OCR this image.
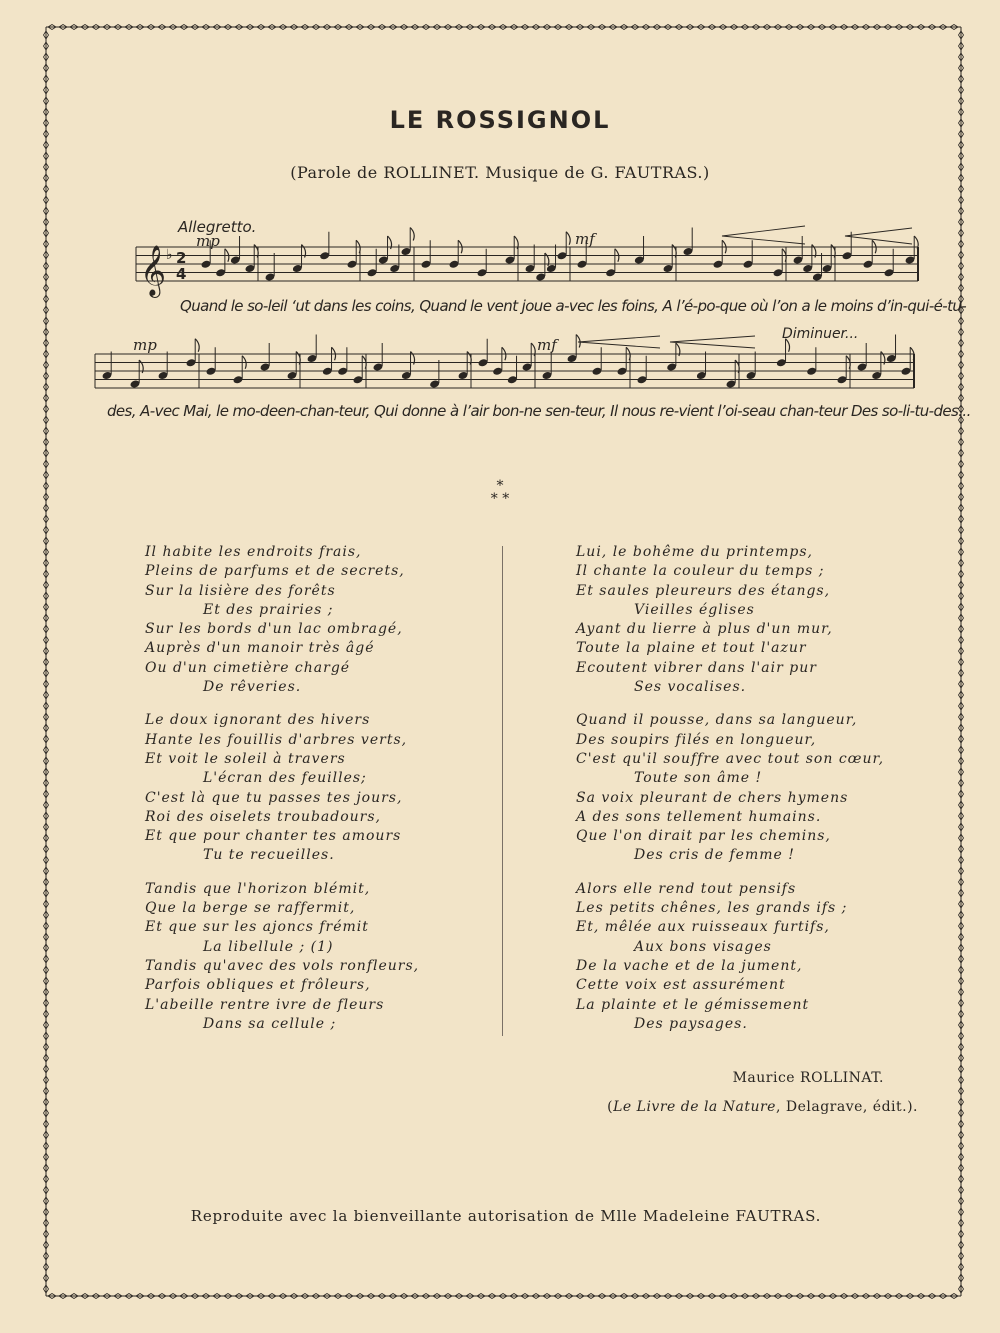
LE ROSSIGNOL
(Parole de ROLLINET. Musique de G. FAUTRAS.)
𝄞 ♭ 2
4
Allegretto.
mp	mf
mp	mf
Diminuer...
Quand le so-leil ‘ut dans les coins, Quand le vent joue a-vec les foins, A l’é-po-que où l’on a le moins d’in-qui-é-tu-
des, A-vec Mai, le mo-deen-chan-teur, Qui donne à l’air bon-ne sen-teur, Il nous re-vient l’oi-seau chan-teur Des so-li-tu-des...
*
* *
Il habite les endroits frais,
Pleins de parfums et de secrets,
Sur la lisière des forêts
Et des prairies ;
Sur les bords d'un lac ombragé,
Auprès d'un manoir très âgé
Ou d'un cimetière chargé
De rêveries.
Le doux ignorant des hivers
Hante les fouillis d'arbres verts,
Et voit le soleil à travers
L'écran des feuilles;
C'est là que tu passes tes jours,
Roi des oiselets troubadours,
Et que pour chanter tes amours
Tu te recueilles.
Tandis que l'horizon blémit,
Que la berge se raffermit,
Et que sur les ajoncs frémit
La libellule ; (1)
Tandis qu'avec des vols ronfleurs,
Parfois obliques et frôleurs,
L'abeille rentre ivre de fleurs
Dans sa cellule ;
Lui, le bohême du printemps,
Il chante la couleur du temps ;
Et saules pleureurs des étangs,
Vieilles églises
Ayant du lierre à plus d'un mur,
Toute la plaine et tout l'azur
Ecoutent vibrer dans l'air pur
Ses vocalises.
Quand il pousse, dans sa langueur,
Des soupirs filés en longueur,
C'est qu'il souffre avec tout son cœur,
Toute son âme !
Sa voix pleurant de chers hymens
A des sons tellement humains.
Que l'on dirait par les chemins,
Des cris de femme !
Alors elle rend tout pensifs
Les petits chênes, les grands ifs ;
Et, mêlée aux ruisseaux furtifs,
Aux bons visages
De la vache et de la jument,
Cette voix est assurément
La plainte et le gémissement
Des paysages.
Maurice ROLLINAT.
(Le Livre de la Nature, Delagrave, édit.).
Reproduite avec la bienveillante autorisation de Mlle Madeleine FAUTRAS.
